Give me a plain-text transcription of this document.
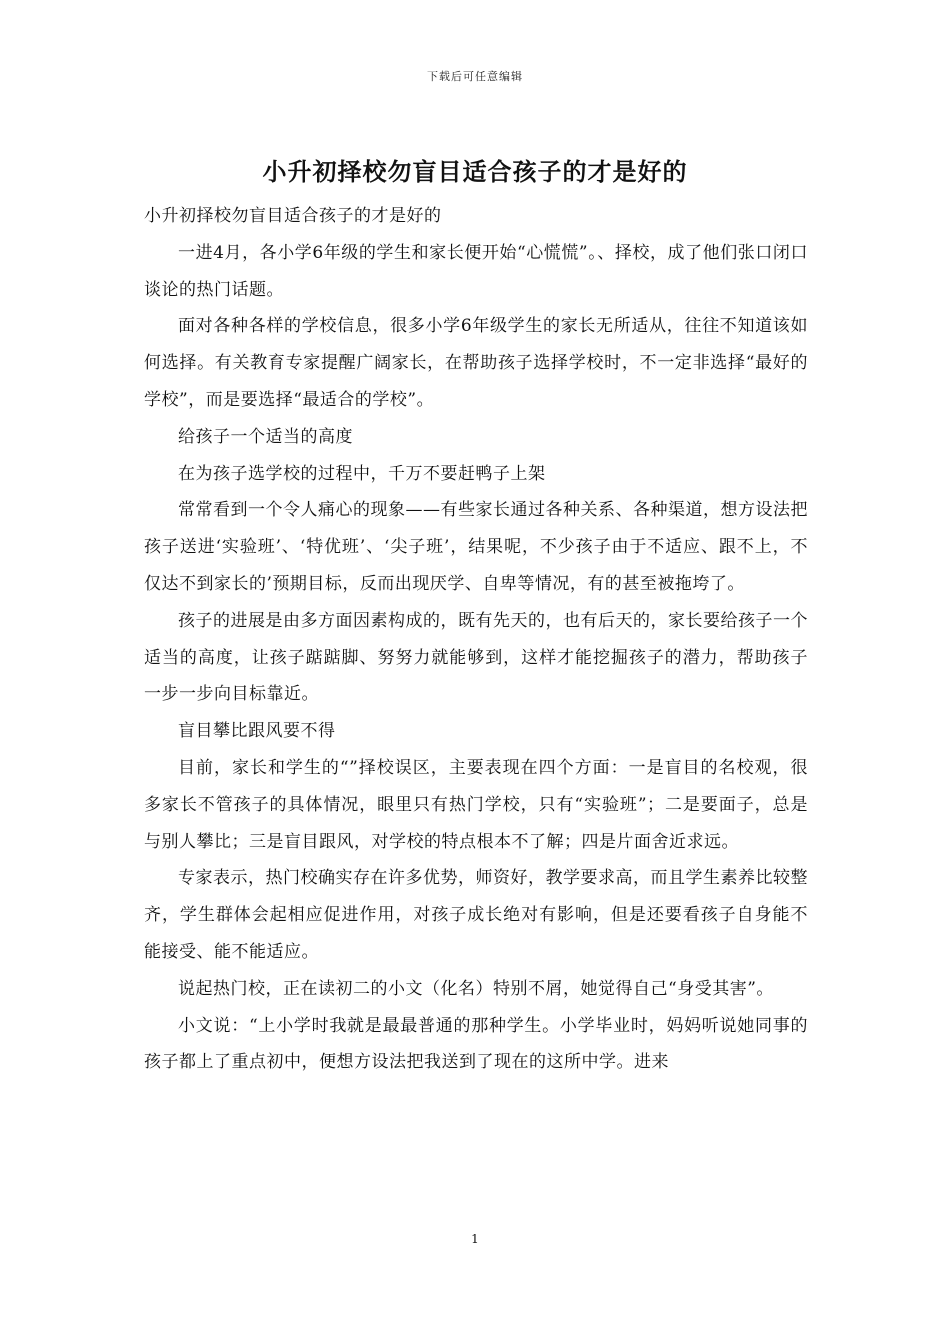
下载后可任意编辑
小升初择校勿盲目适合孩子的才是好的

小升初择校勿盲目适合孩子的才是好的

一进4月，各小学6年级的学生和家长便开始“心慌慌”。、择校，成了他们张口闭口谈论的热门话题。

面对各种各样的学校信息，很多小学6年级学生的家长无所适从，往往不知道该如何选择。有关教育专家提醒广阔家长，在帮助孩子选择学校时，不一定非选择“最好的学校”，而是要选择“最适合的学校”。

给孩子一个适当的高度

在为孩子选学校的过程中，千万不要赶鸭子上架

常常看到一个令人痛心的现象——有些家长通过各种关系、各种渠道，想方设法把孩子送进‘实验班’、‘特优班’、‘尖子班’，结果呢，不少孩子由于不适应、跟不上，不仅达不到家长的’预期目标，反而出现厌学、自卑等情况，有的甚至被拖垮了。

孩子的进展是由多方面因素构成的，既有先天的，也有后天的，家长要给孩子一个适当的高度，让孩子踮踮脚、努努力就能够到，这样才能挖掘孩子的潜力，帮助孩子一步一步向目标靠近。

盲目攀比跟风要不得

目前，家长和学生的“”择校误区，主要表现在四个方面：一是盲目的名校观，很多家长不管孩子的具体情况，眼里只有热门学校，只有“实验班”；二是要面子，总是与别人攀比；三是盲目跟风，对学校的特点根本不了解；四是片面舍近求远。

专家表示，热门校确实存在许多优势，师资好，教学要求高，而且学生素养比较整齐，学生群体会起相应促进作用，对孩子成长绝对有影响，但是还要看孩子自身能不能接受、能不能适应。

说起热门校，正在读初二的小文（化名）特别不屑，她觉得自己“身受其害”。

小文说：“上小学时我就是最最普通的那种学生。小学毕业时，妈妈听说她同事的孩子都上了重点初中，便想方设法把我送到了现在的这所中学。进来

1
